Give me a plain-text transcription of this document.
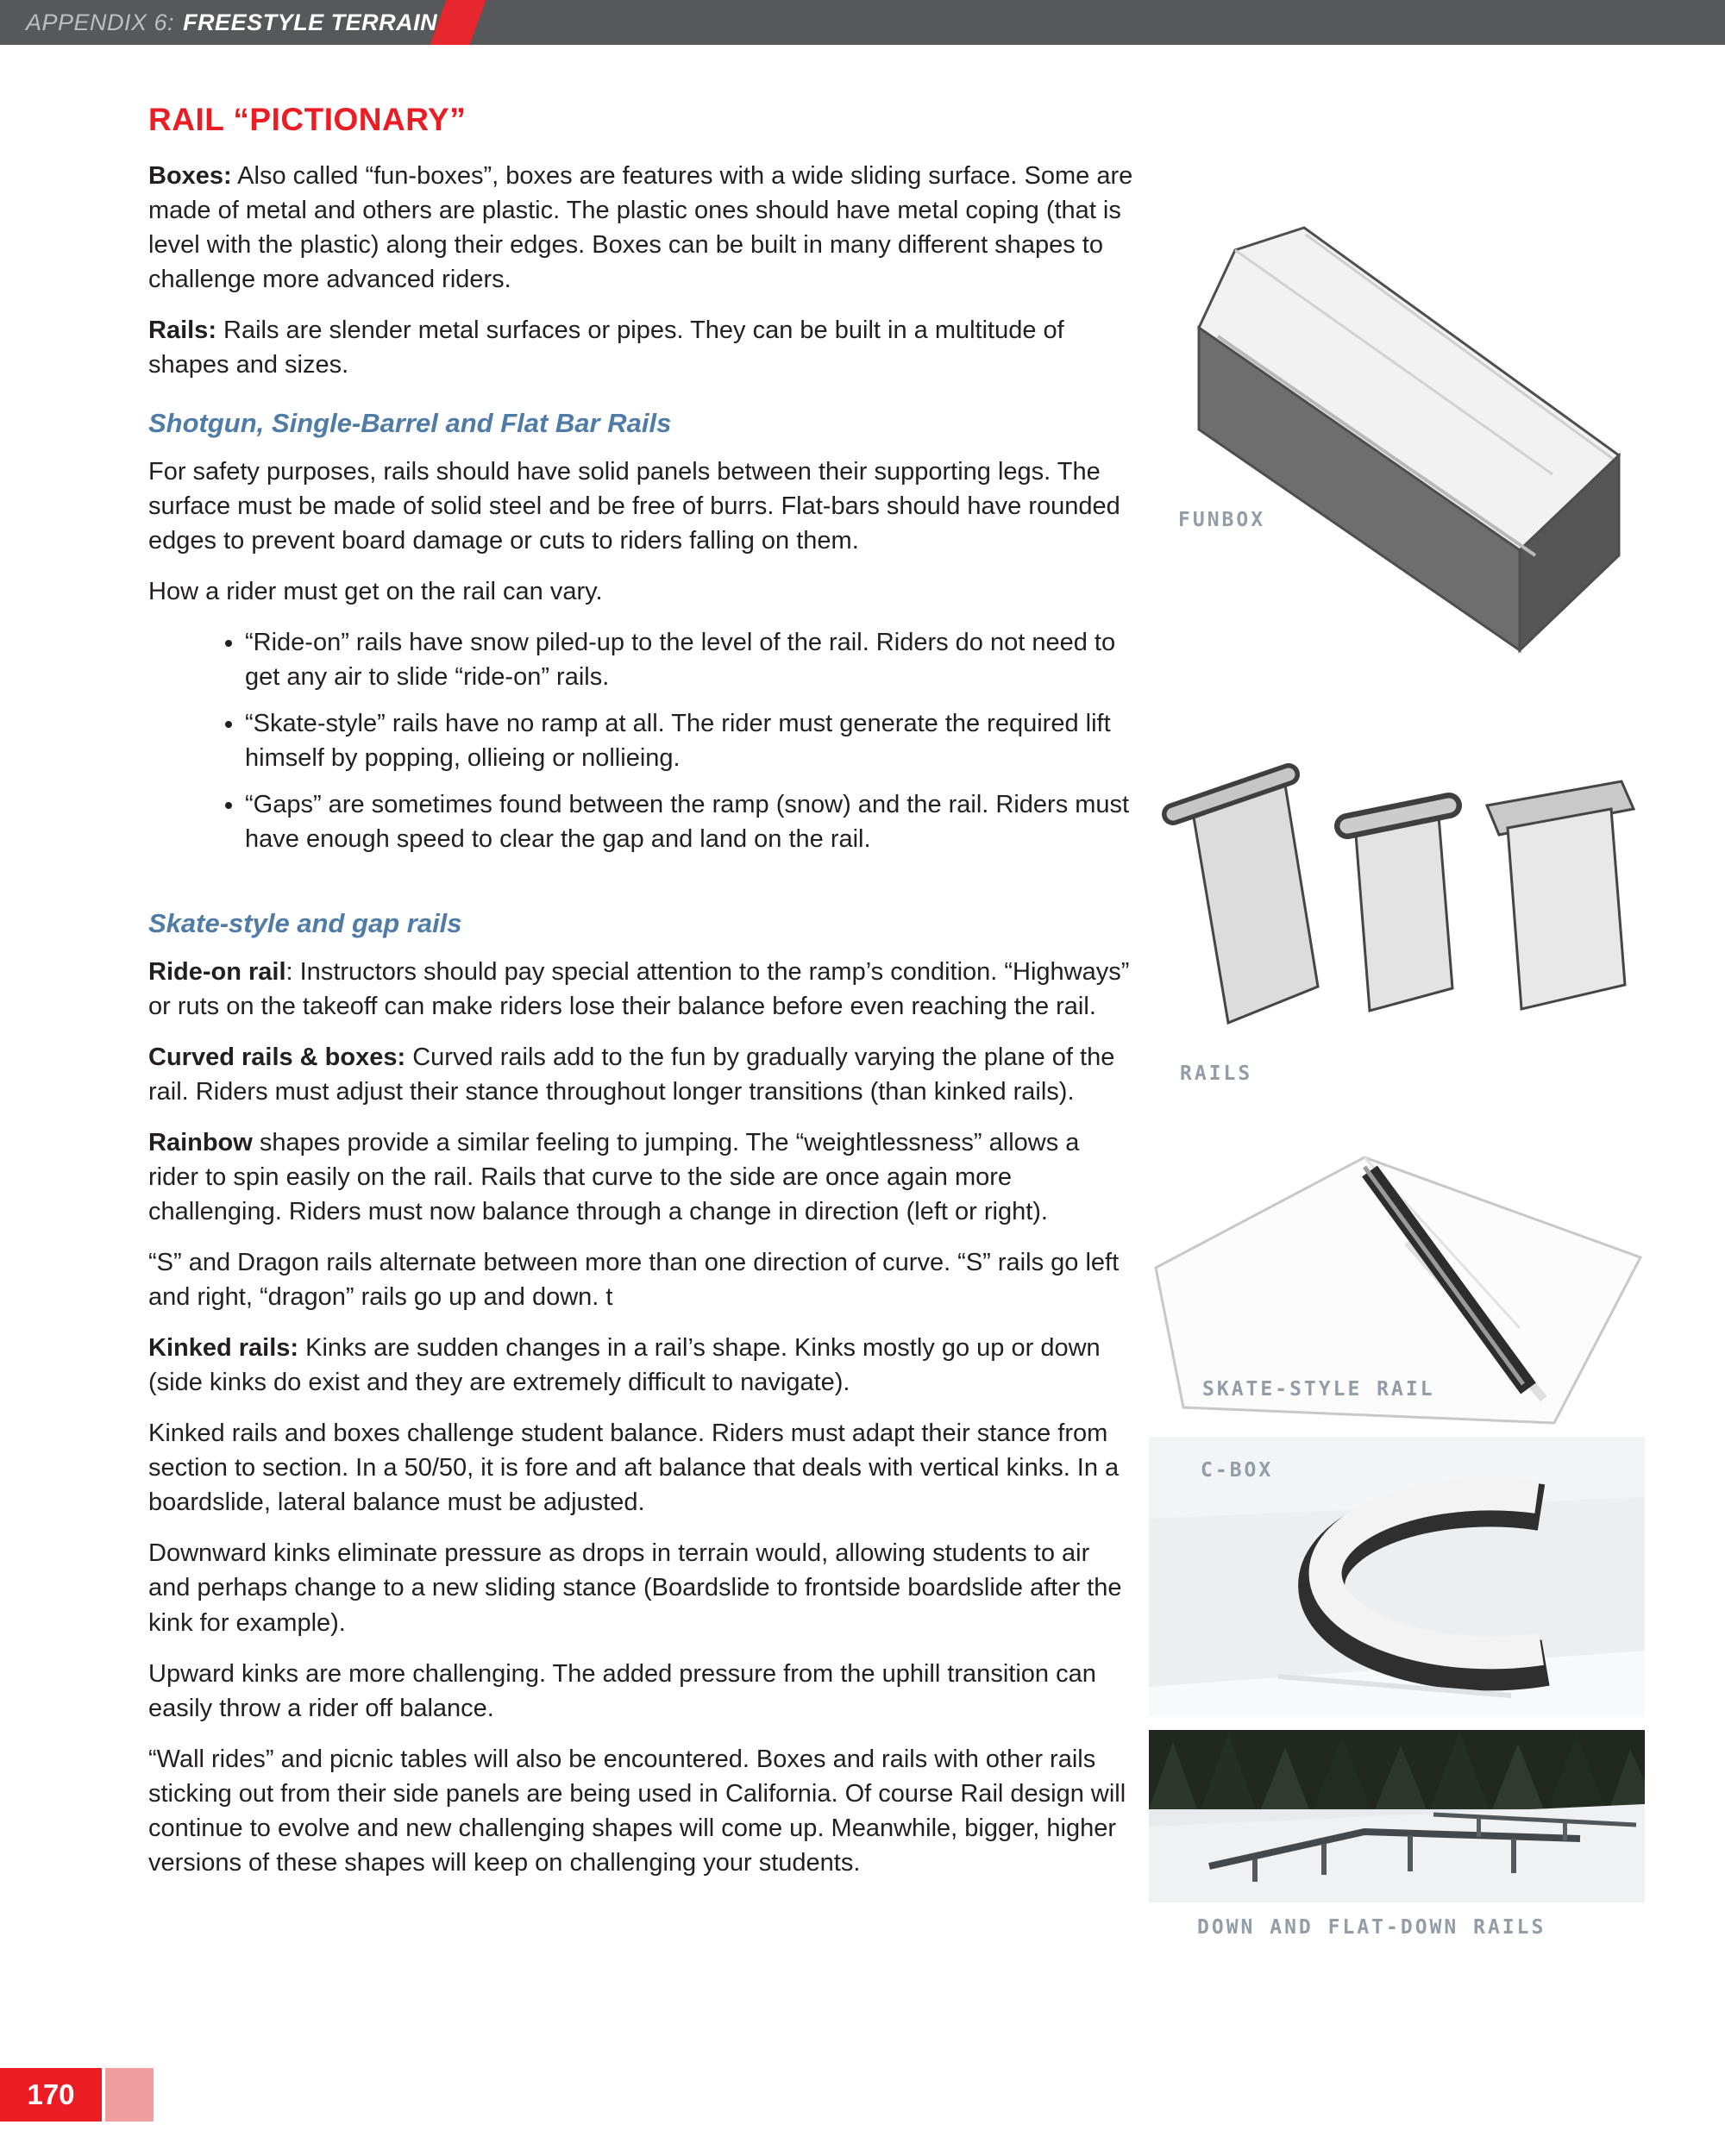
APPENDIX 6: FREESTYLE TERRAIN
RAIL “PICTIONARY”

Boxes: Also called “fun-boxes”, boxes are features with a wide sliding surface. Some are made of metal and others are plastic. The plastic ones should have metal coping (that is level with the plastic) along their edges. Boxes can be built in many different shapes to challenge more advanced riders.

Rails: Rails are slender metal surfaces or pipes. They can be built in a multitude of shapes and sizes.

Shotgun, Single-Barrel and Flat Bar Rails

For safety purposes, rails should have solid panels between their supporting legs. The surface must be made of solid steel and be free of burrs. Flat-bars should have rounded edges to prevent board damage or cuts to riders falling on them.

How a rider must get on the rail can vary.

• “Ride-on” rails have snow piled-up to the level of the rail. Riders do not need to get any air to slide “ride-on” rails.
• “Skate-style” rails have no ramp at all. The rider must generate the required lift himself by popping, ollieing or nollieing.
• “Gaps” are sometimes found between the ramp (snow) and the rail. Riders must have enough speed to clear the gap and land on the rail.
Skate-style and gap rails

Ride-on rail: Instructors should pay special attention to the ramp’s condition. “Highways” or ruts on the takeoff can make riders lose their balance before even reaching the rail.

Curved rails & boxes: Curved rails add to the fun by gradually varying the plane of the rail. Riders must adjust their stance throughout longer transitions (than kinked rails).

Rainbow shapes provide a similar feeling to jumping. The “weightlessness” allows a rider to spin easily on the rail. Rails that curve to the side are once again more challenging. Riders must now balance through a change in direction (left or right).

“S” and Dragon rails alternate between more than one direction of curve. “S” rails go left and right, “dragon” rails go up and down. t

Kinked rails: Kinks are sudden changes in a rail’s shape. Kinks mostly go up or down (side kinks do exist and they are extremely difficult to navigate).

Kinked rails and boxes challenge student balance. Riders must adapt their stance from section to section. In a 50/50, it is fore and aft balance that deals with vertical kinks. In a boardslide, lateral balance must be adjusted.

Downward kinks eliminate pressure as drops in terrain would, allowing students to air and perhaps change to a new sliding stance (Boardslide to frontside boardslide after the kink for example).

Upward kinks are more challenging. The added pressure from the uphill transition can easily throw a rider off balance.

“Wall rides” and picnic tables will also be encountered. Boxes and rails with other rails sticking out from their side panels are being used in California. Of course Rail design will continue to evolve and new challenging shapes will come up. Meanwhile, bigger, higher versions of these shapes will keep on challenging your students.

FUNBOX
RAILS
SKATE-STYLE RAIL
C-BOX
DOWN AND FLAT-DOWN RAILS
170
